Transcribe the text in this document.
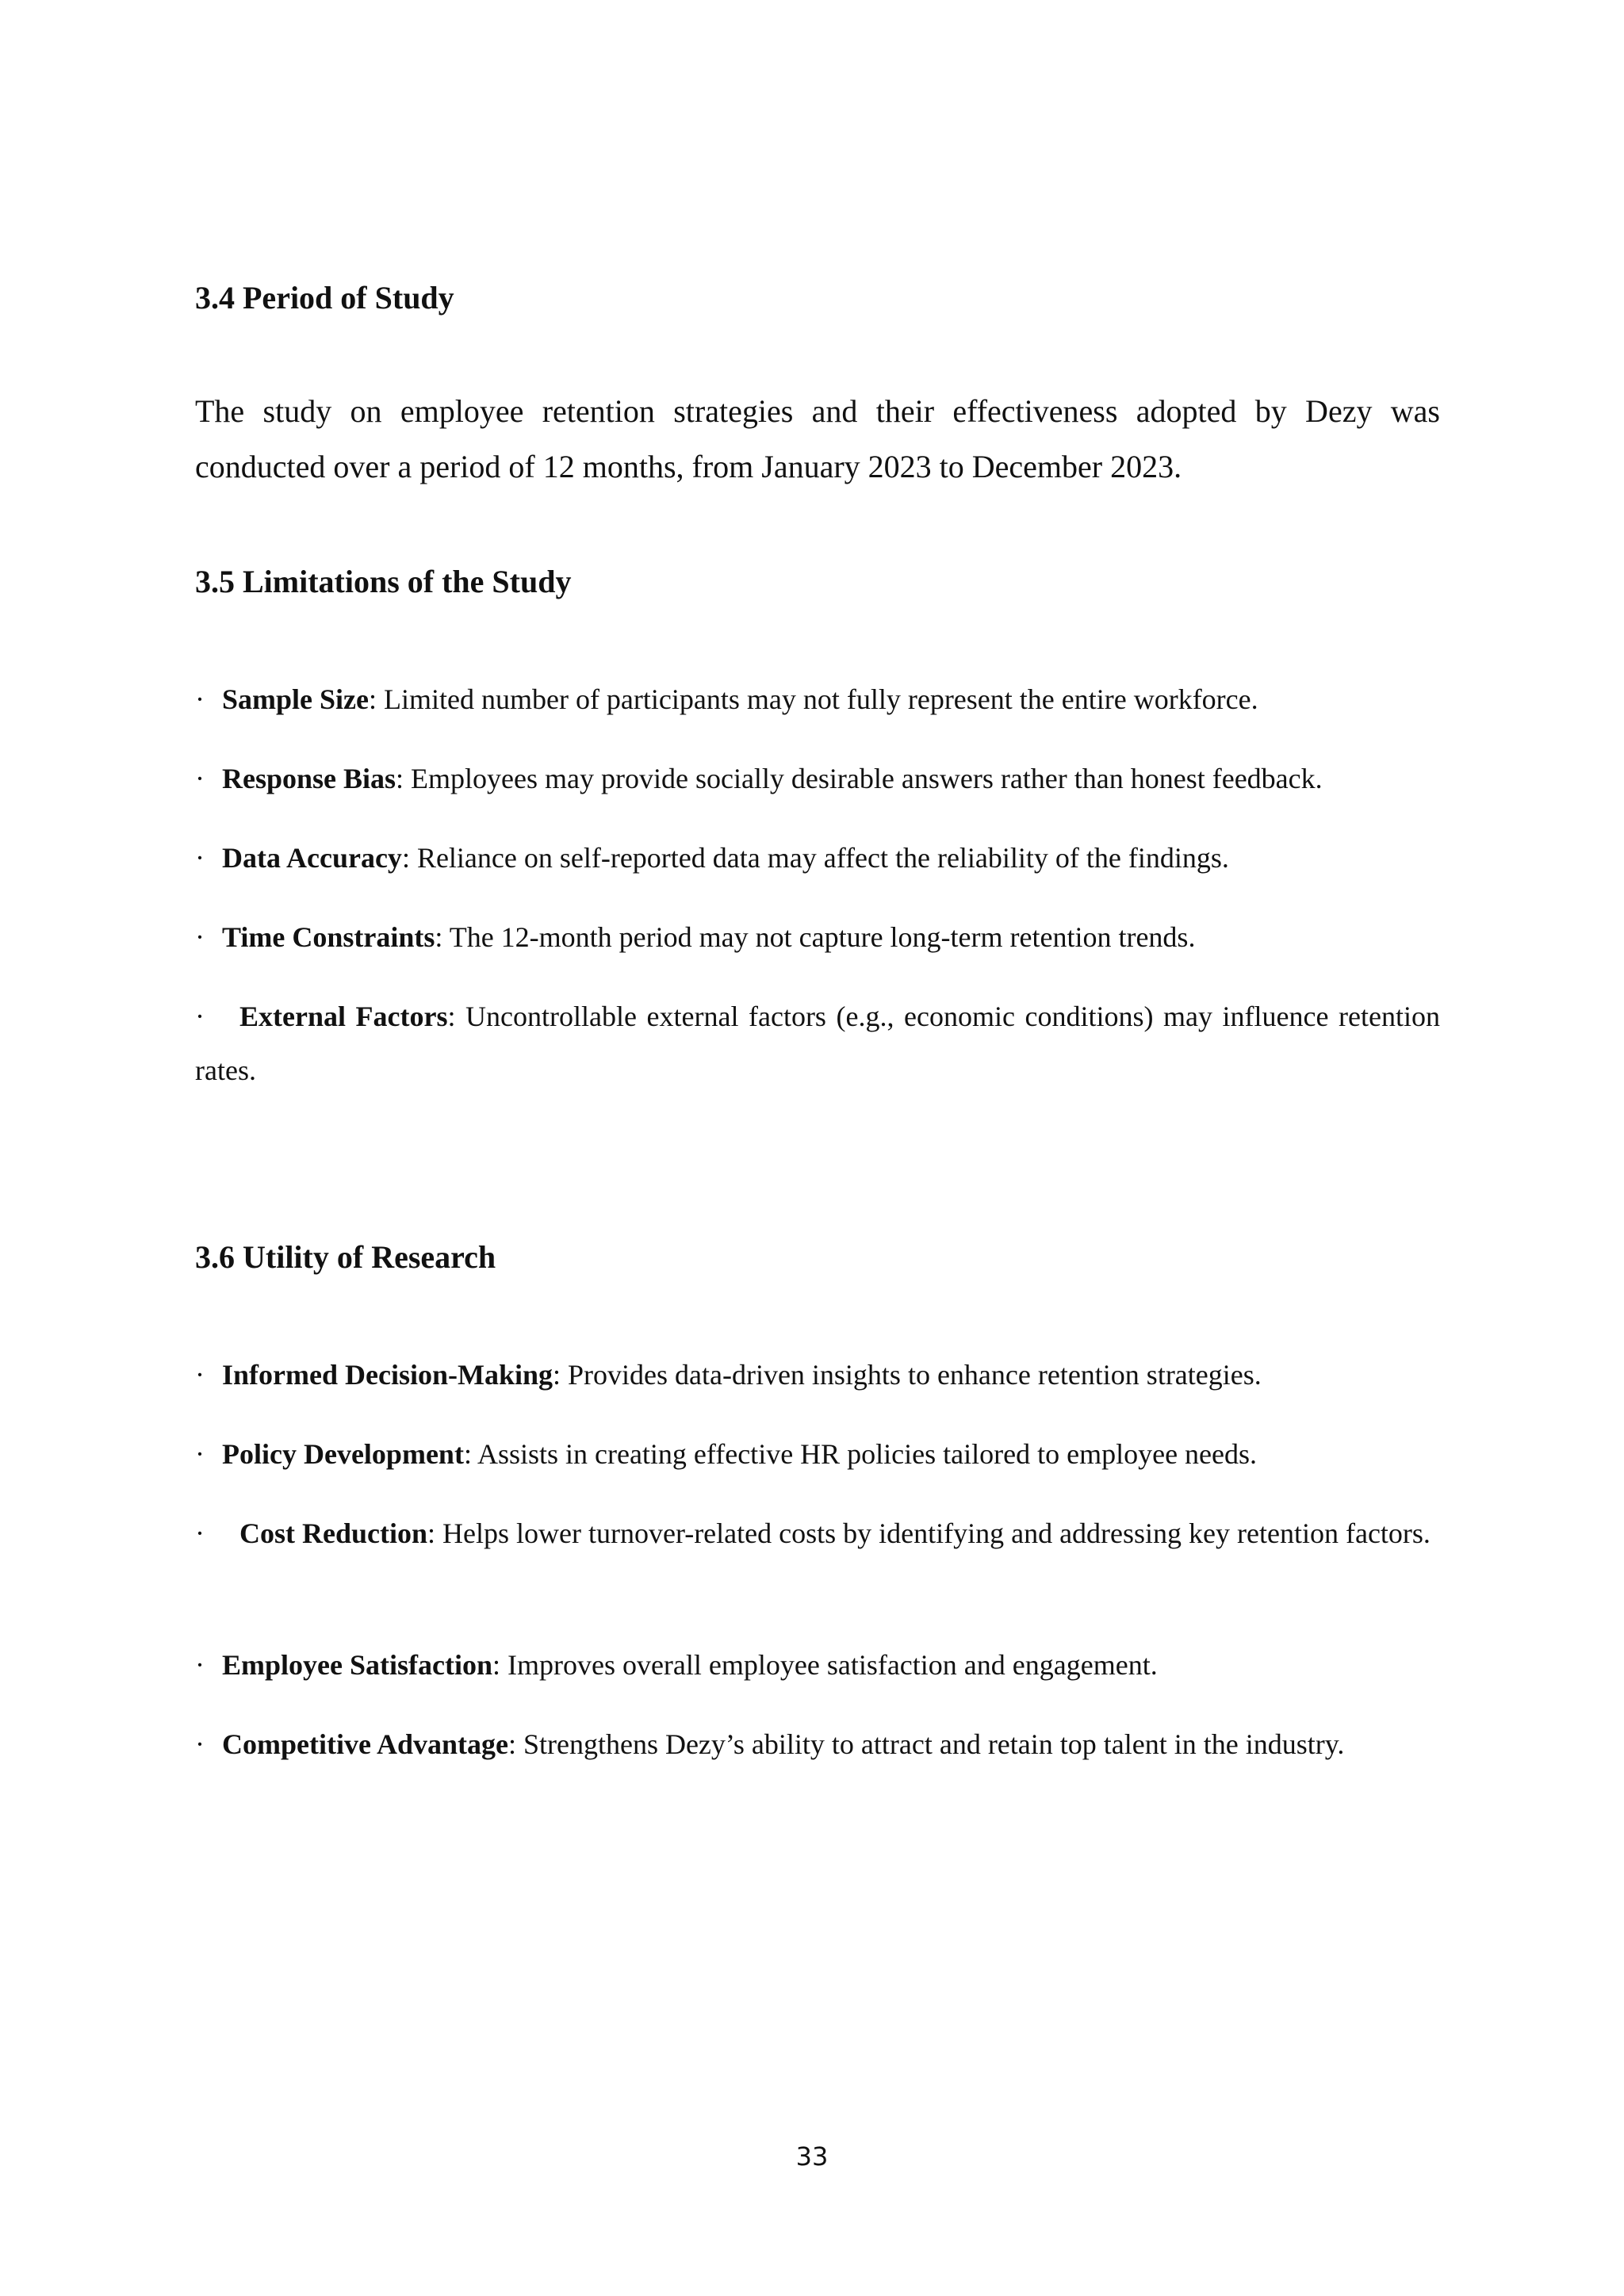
3.4 Period of Study

The study on employee retention strategies and their effectiveness adopted by Dezy was conducted over a period of 12 months, from January 2023 to December 2023.

3.5 Limitations of the Study

· Sample Size: Limited number of participants may not fully represent the entire workforce.

· Response Bias: Employees may provide socially desirable answers rather than honest feedback.

· Data Accuracy: Reliance on self-reported data may affect the reliability of the findings.

· Time Constraints: The 12-month period may not capture long-term retention trends.

· External Factors: Uncontrollable external factors (e.g., economic conditions) may influence retention rates.

3.6 Utility of Research

· Informed Decision-Making: Provides data-driven insights to enhance retention strategies.

· Policy Development: Assists in creating effective HR policies tailored to employee needs.

· Cost Reduction: Helps lower turnover-related costs by identifying and addressing key retention factors.

· Employee Satisfaction: Improves overall employee satisfaction and engagement.

· Competitive Advantage: Strengthens Dezy’s ability to attract and retain top talent in the industry.

33
